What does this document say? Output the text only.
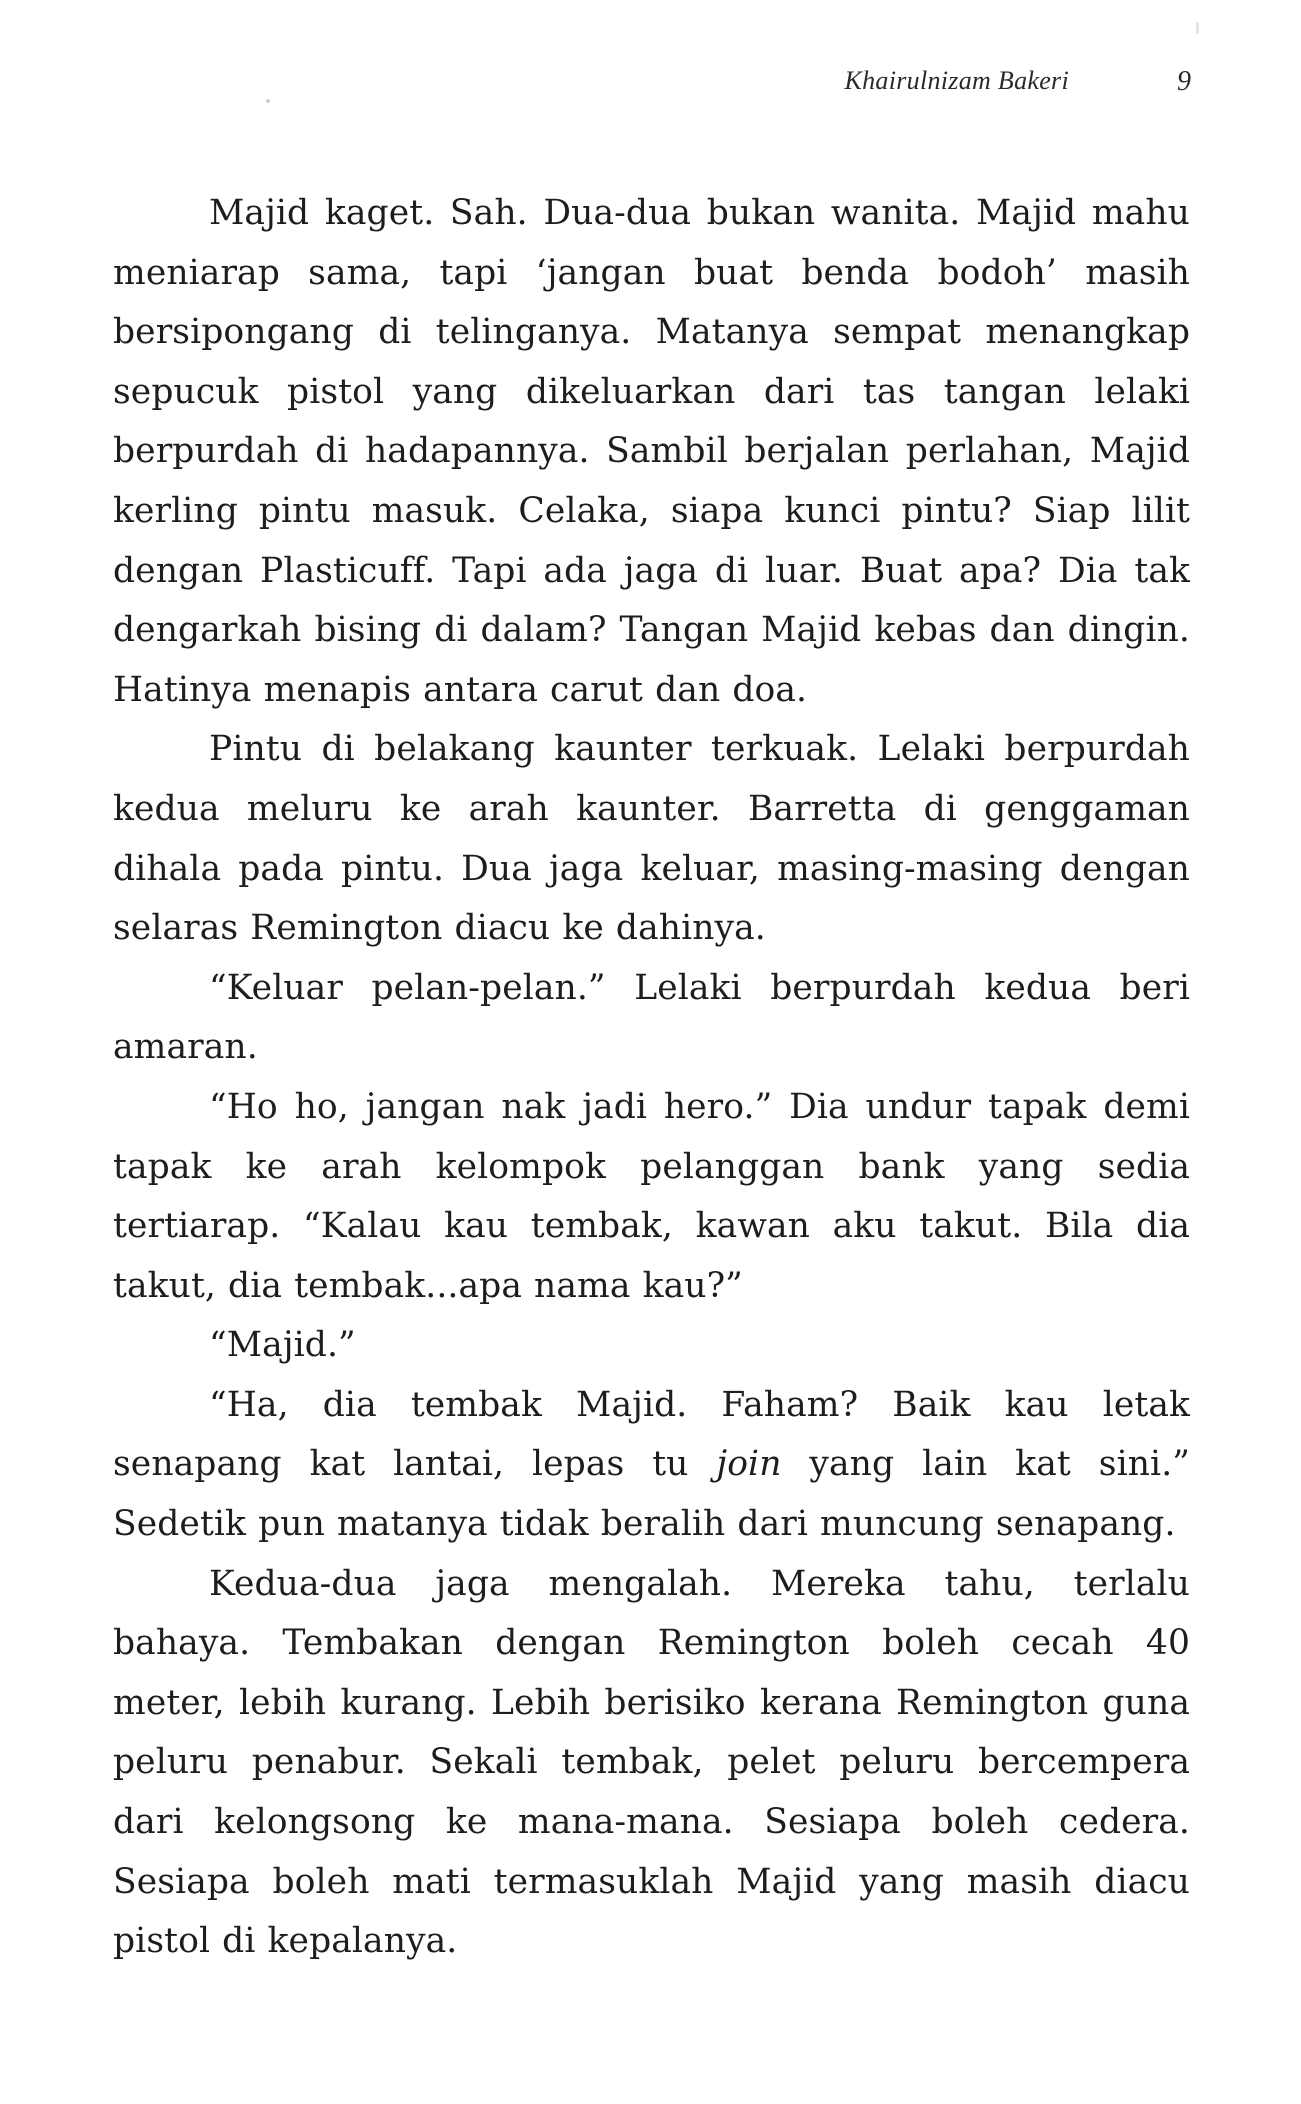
Khairulnizam Bakeri	9

Majid kaget. Sah. Dua-dua bukan wanita. Majid mahu meniarap sama, tapi ‘jangan buat benda bodoh’ masih bersipongang di telinganya. Matanya sempat menangkap sepucuk pistol yang dikeluarkan dari tas tangan lelaki berpurdah di hadapannya. Sambil berjalan perlahan, Majid kerling pintu masuk. Celaka, siapa kunci pintu? Siap lilit dengan Plasticuff. Tapi ada jaga di luar. Buat apa? Dia tak dengarkah bising di dalam? Tangan Majid kebas dan dingin. Hatinya menapis antara carut dan doa.

Pintu di belakang kaunter terkuak. Lelaki berpurdah kedua meluru ke arah kaunter. Barretta di genggaman dihala pada pintu. Dua jaga keluar, masing-masing dengan selaras Remington diacu ke dahinya.

“Keluar pelan-pelan.” Lelaki berpurdah kedua beri amaran.

“Ho ho, jangan nak jadi hero.” Dia undur tapak demi tapak ke arah kelompok pelanggan bank yang sedia tertiarap. “Kalau kau tembak, kawan aku takut. Bila dia takut, dia tembak...apa nama kau?”

“Majid.”

“Ha, dia tembak Majid. Faham? Baik kau letak senapang kat lantai, lepas tu join yang lain kat sini.” Sedetik pun matanya tidak beralih dari muncung senapang.

Kedua-dua jaga mengalah. Mereka tahu, terlalu bahaya. Tembakan dengan Remington boleh cecah 40 meter, lebih kurang. Lebih berisiko kerana Remington guna peluru penabur. Sekali tembak, pelet peluru bercempera dari kelongsong ke mana-mana. Sesiapa boleh cedera. Sesiapa boleh mati termasuklah Majid yang masih diacu pistol di kepalanya.
